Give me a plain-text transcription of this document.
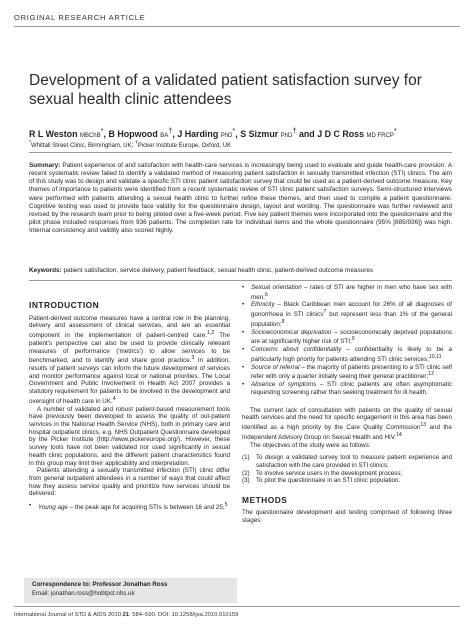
ORIGINAL RESEARCH ARTICLE
Development of a validated patient satisfaction survey for sexual health clinic attendees
R L Weston MBChB*, B Hopwood BA†, J Harding PhD*, S Sizmur PhD† and J D C Ross MD FRCP*
*Whittall Street Clinic, Birmingham, UK; †Picker Institute Europe, Oxford, UK
Summary: Patient experience of and satisfaction with health-care services is increasingly being used to evaluate and guide health-care provision. A recent systematic review failed to identify a validated method of measuring patient satisfaction in sexually transmitted infection (STI) clinics. The aim of this study was to design and validate a specific STI clinic patient satisfaction survey that could be used as a patient-derived outcome measure. Key themes of importance to patients were identified from a recent systematic review of STI clinic patient satisfaction surveys. Semi-structured interviews were performed with patients attending a sexual health clinic to further refine these themes, and then used to compile a patient questionnaire. Cognitive testing was used to provide face validity for the questionnaire design, layout and wording. The questionnaire was further reviewed and revised by the research team prior to being piloted over a five-week period. Five key patient themes were incorporated into the questionnaire and the pilot phase included responses from 936 patients. The completion rate for individual items and the whole questionnaire (95% [885/936]) was high. Internal consistency and validity also scored highly.
Keywords: patient satisfaction, service delivery, patient feedback, sexual health clinic, patient-derived outcome measures
INTRODUCTION

Patient-derived outcome measures have a central role in the planning, delivery and assessment of clinical services, and are an essential component in the implementation of patient-centred care.$^{1,2}$ The patient's perspective can also be used to provide clinically relevant measures of performance ('metrics') to allow services to be benchmarked, and to identify and share good practice.$^3$ In addition, results of patient surveys can inform the future development of services and monitor performance against local or national priorities. The Local Government and Public Involvement in Health Act 2007 provides a statutory requirement for patients to be involved in the development and oversight of health care in UK.$^4$

A number of validated and robust patient-based measurement tools have previously been developed to assess the quality of out-patient services in the National Health Service (NHS), both in primary care and hospital outpatient clinics, e.g. NHS Outpatient Questionnaire developed by the Picker Institute (http://www.pickereurope.org/). However, these survey tools have not been validated nor used significantly in sexual health clinic populations, and the different patient characteristics found in this group may limit their applicability and interpretation.

Patients attending a sexually transmitted infection (STI) clinic differ from general outpatient attendees in a number of ways that could affect how they assess service quality and prioritize how services should be delivered:

• Young age – the peak age for acquiring STIs is between 16 and 25;$^5$

Correspondence to: Professor Jonathan Ross
Email: jonathan.ross@hobtpct.nhs.uk

• Sexual orientation – rates of STI are higher in men who have sex with men;$^6$

• Ethnicity – Black Caribbean men account for 26% of all diagnoses of gonorrhoea in STI clinics$^7$ but represent less than 1% of the general population;$^8$

• Socioeconomical deprivation – socioeconomically deprived populations are at significantly higher risk of STI;$^9$

• Concerns about confidentiality – confidentiality is likely to be a particularly high priority for patients attending STI clinic services;$^{10,11}$

• Source of referral – the majority of patients presenting to a STI clinic self refer with only a quarter initially seeing their general practitioner;$^{12}$

• Absence of symptoms – STI clinic patients are often asymptomatic requesting screening rather than seeking treatment for ill health.

The current lack of consultation with patients on the quality of sexual health services and the need for specific engagement in this area has been identified as a high priority by the Care Quality Commission$^{13}$ and the Independent Advisory Group on Sexual Health and HIV.$^{14}$

The objectives of the study were as follows:

(1) To design a validated survey tool to measure patient experience and satisfaction with the care provided in STI clinics;

(2) To involve service users in the development process;

(3) To pilot the questionnaire in an STI clinic population.

METHODS

The questionnaire development and testing comprised of following three stages:

International Journal of STD & AIDS 2010;21: 584–590. DOI: 10.1258/ijsa.2010.010159
